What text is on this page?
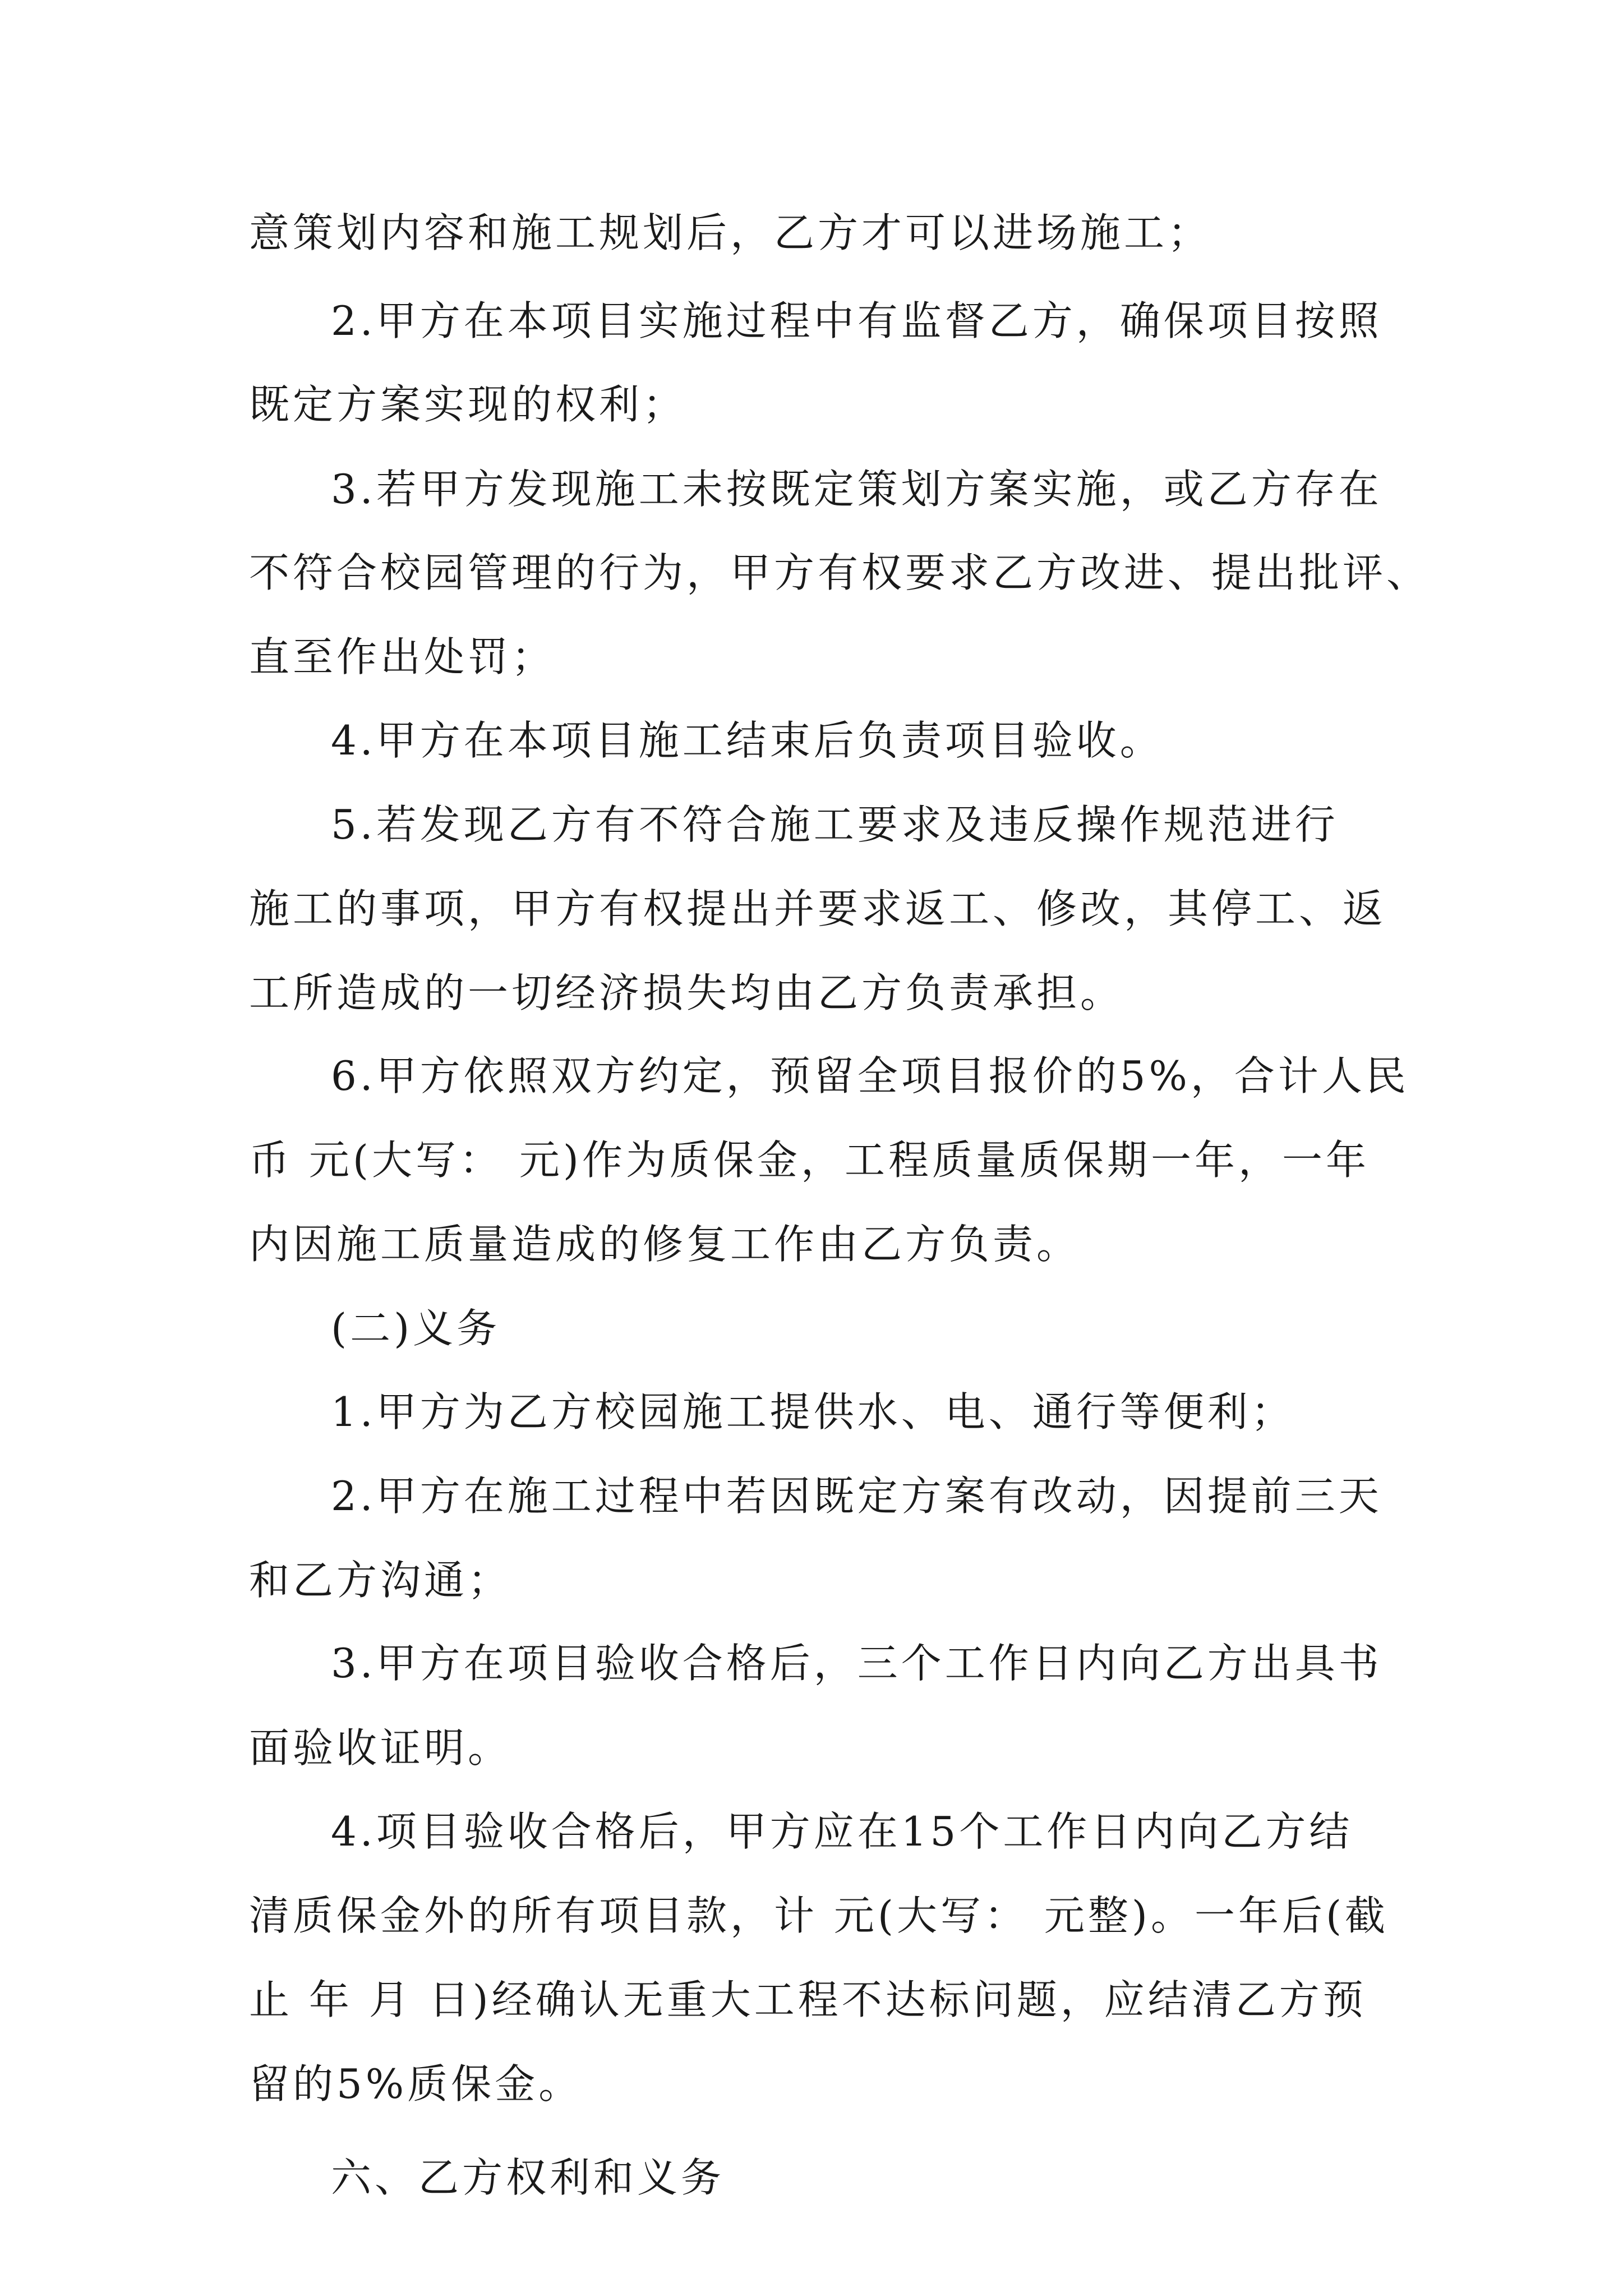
意策划内容和施工规划后，乙方才可以进场施工；
2.甲方在本项目实施过程中有监督乙方，确保项目按照
既定方案实现的权利；
3.若甲方发现施工未按既定策划方案实施，或乙方存在
不符合校园管理的行为，甲方有权要求乙方改进、提出批评、
直至作出处罚；
4.甲方在本项目施工结束后负责项目验收。
5.若发现乙方有不符合施工要求及违反操作规范进行
施工的事项，甲方有权提出并要求返工、修改，其停工、返
工所造成的一切经济损失均由乙方负责承担。
6.甲方依照双方约定，预留全项目报价的5%，合计人民
币 元(大写： 元)作为质保金，工程质量质保期一年，一年
内因施工质量造成的修复工作由乙方负责。
(二)义务
1.甲方为乙方校园施工提供水、电、通行等便利；
2.甲方在施工过程中若因既定方案有改动，因提前三天
和乙方沟通；
3.甲方在项目验收合格后，三个工作日内向乙方出具书
面验收证明。
4.项目验收合格后，甲方应在15个工作日内向乙方结
清质保金外的所有项目款，计 元(大写： 元整)。一年后(截
止 年 月 日)经确认无重大工程不达标问题，应结清乙方预
留的5%质保金。
六、乙方权利和义务
